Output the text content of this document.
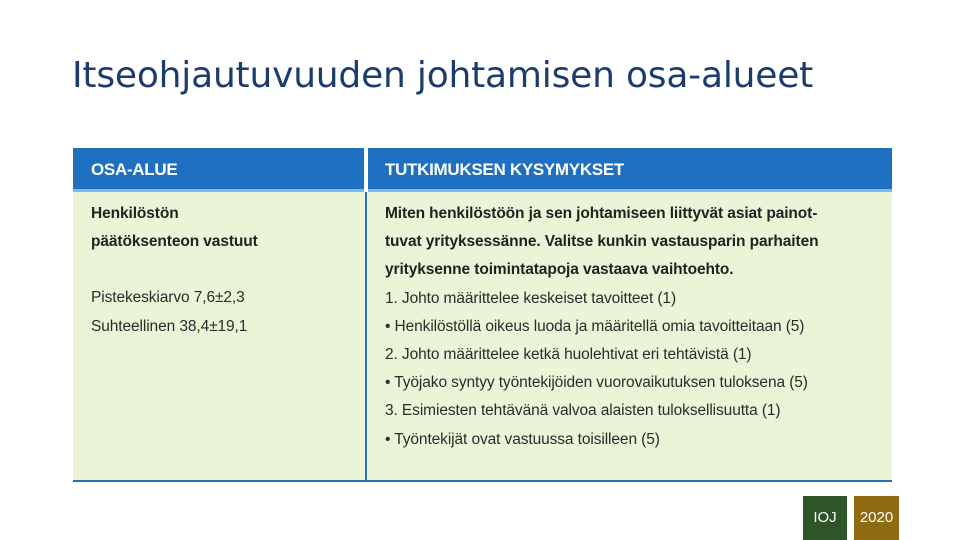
Itseohjautuvuuden johtamisen osa-alueet
OSA-ALUE	TUTKIMUKSEN KYSYMYKSET

Henkilöstön

päätöksenteon vastuut

Pistekeskiarvo 7,6±2,3

Suhteellinen 38,4±19,1

Miten henkilöstöön ja sen johtamiseen liittyvät asiat painot-

tuvat yrityksessänne. Valitse kunkin vastausparin parhaiten

yrityksenne toimintatapoja vastaava vaihtoehto.

1. Johto määrittelee keskeiset tavoitteet (1)

• Henkilöstöllä oikeus luoda ja määritellä omia tavoitteitaan (5)

2. Johto määrittelee ketkä huolehtivat eri tehtävistä (1)

• Työjako syntyy työntekijöiden vuorovaikutuksen tuloksena (5)

3. Esimiesten tehtävänä valvoa alaisten tuloksellisuutta (1)

• Työntekijät ovat vastuussa toisilleen (5)

IOJ	2020
